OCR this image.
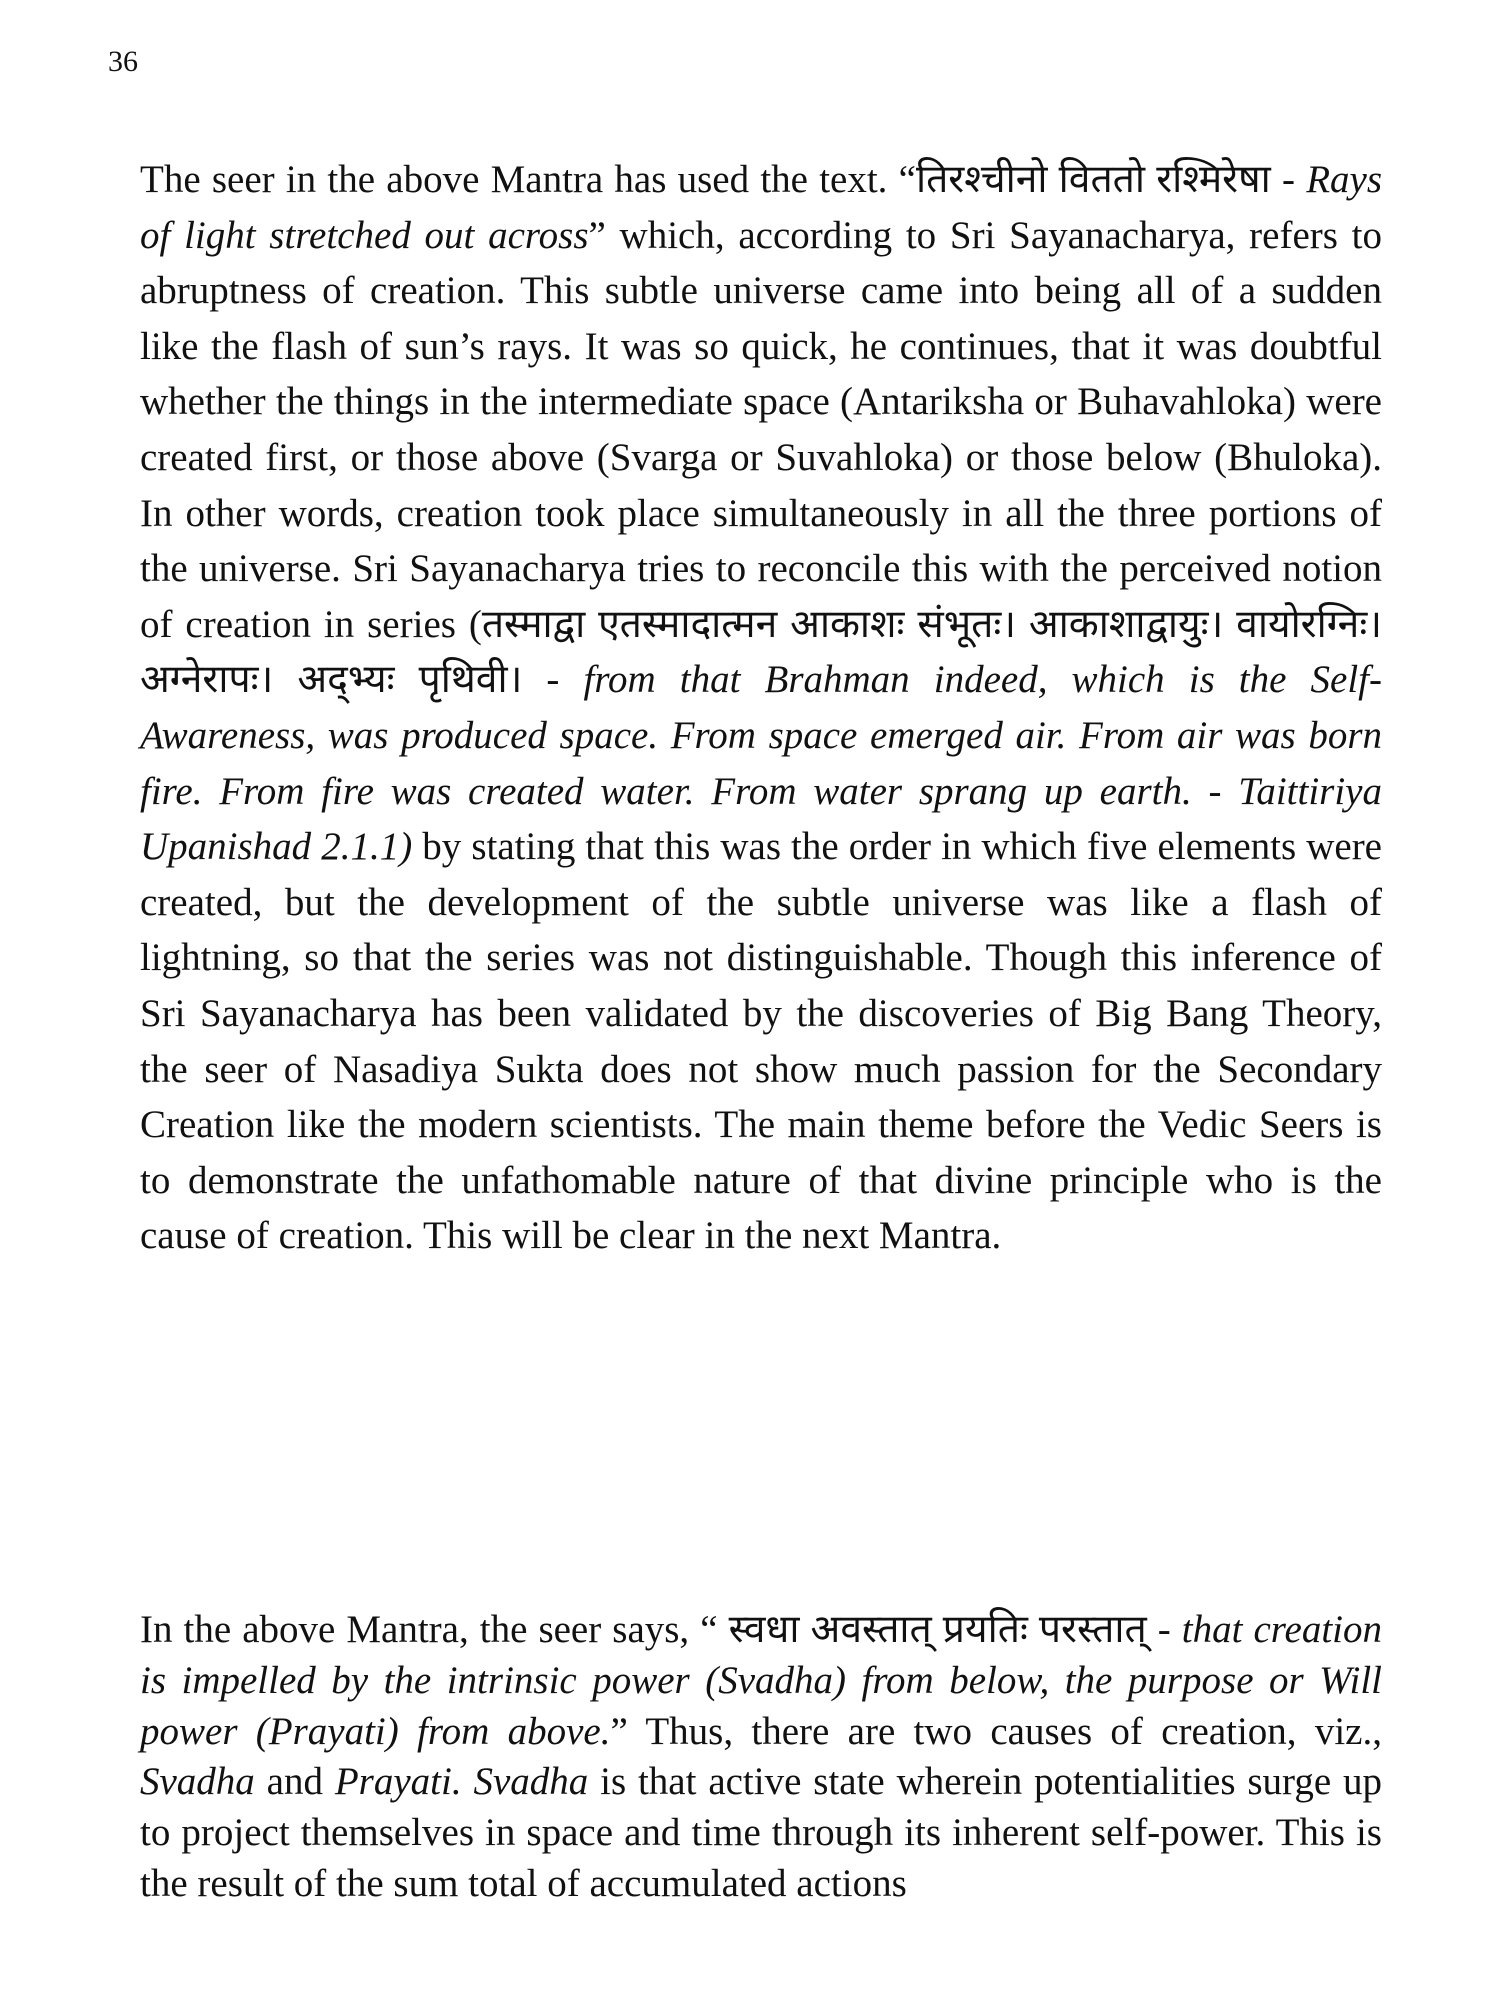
36

The seer in the above Mantra has used the text. “तिरश्चीनो विततो रश्मिरेषा - Rays of light stretched out across” which, according to Sri Sayanacharya, refers to abruptness of creation. This subtle universe came into being all of a sudden like the flash of sun’s rays. It was so quick, he continues, that it was doubtful whether the things in the intermediate space (Antariksha or Buhavahloka) were created first, or those above (Svarga or Suvahloka) or those below (Bhuloka). In other words, creation took place simultaneously in all the three portions of the universe. Sri Sayanacharya tries to reconcile this with the perceived notion of creation in series (तस्माद्वा एतस्मादात्मन आकाशः संभूतः। आकाशाद्वायुः। वायोरग्निः। अग्नेरापः। अद्भ्यः पृथिवी। - from that Brahman indeed, which is the Self-Awareness, was produced space. From space emerged air. From air was born fire. From fire was created water. From water sprang up earth. - Taittiriya Upanishad 2.1.1) by stating that this was the order in which five elements were created, but the development of the subtle universe was like a flash of lightning, so that the series was not distinguishable. Though this inference of Sri Sayanacharya has been validated by the discoveries of Big Bang Theory, the seer of Nasadiya Sukta does not show much passion for the Secondary Creation like the modern scientists. The main theme before the Vedic Seers is to demonstrate the unfathomable nature of that divine principle who is the cause of creation. This will be clear in the next Mantra.

In the above Mantra, the seer says, “ स्वधा अवस्तात् प्रयतिः परस्तात् - that creation is impelled by the intrinsic power (Svadha) from below, the purpose or Will power (Prayati) from above.” Thus, there are two causes of creation, viz., Svadha and Prayati. Svadha is that active state wherein potentialities surge up to project themselves in space and time through its inherent self-power. This is the result of the sum total of accumulated actions
